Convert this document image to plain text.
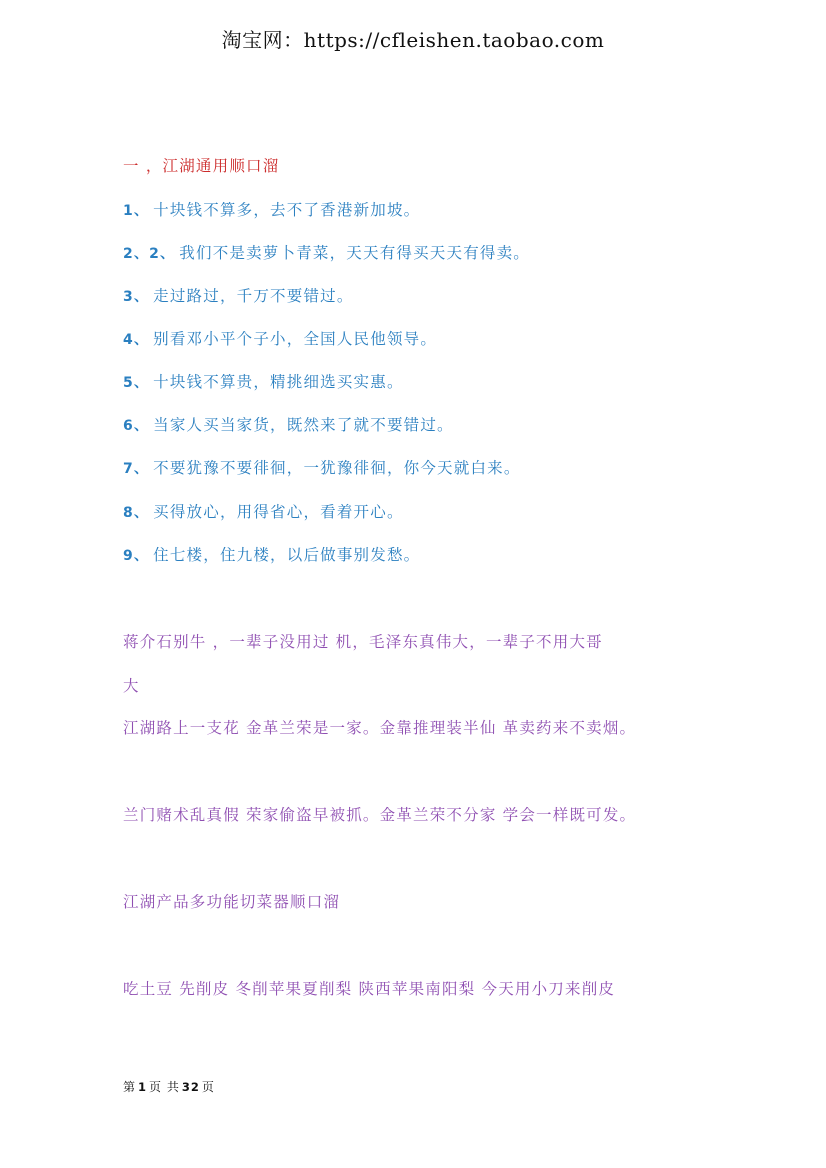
淘宝网：https://cfleishen.taobao.com
一 ，江湖通用顺口溜
1、 十块钱不算多，去不了香港新加坡。
2、2、 我们不是卖萝卜青菜，天天有得买天天有得卖。
3、 走过路过，千万不要错过。
4、 别看邓小平个子小，全国人民他领导。
5、 十块钱不算贵，精挑细选买实惠。
6、 当家人买当家货，既然来了就不要错过。
7、 不要犹豫不要徘徊，一犹豫徘徊，你今天就白来。
8、 买得放心，用得省心，看着开心。
9、 住七楼，住九楼，以后做事别发愁。
蒋介石别牛 ，一辈子没用过 机，毛泽东真伟大，一辈子不用大哥
大
江湖路上一支花 金革兰荣是一家。金靠推理装半仙 革卖药来不卖烟。
兰门赌术乱真假 荣家偷盗早被抓。金革兰荣不分家 学会一样既可发。
江湖产品多功能切菜器顺口溜
吃土豆 先削皮 冬削苹果夏削梨 陕西苹果南阳梨 今天用小刀来削皮
第 1 页 共 32 页
